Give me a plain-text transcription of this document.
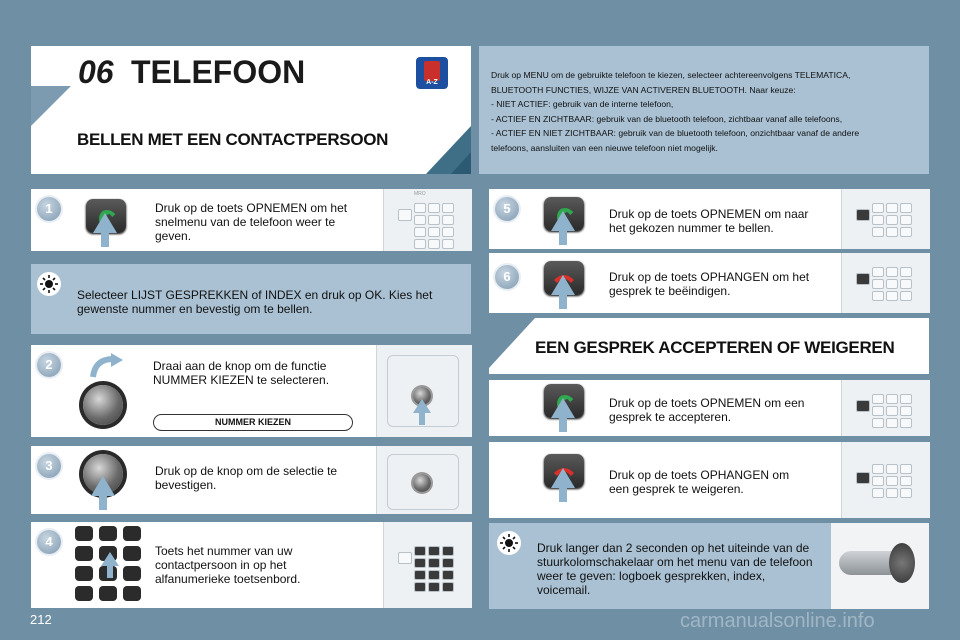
06 TELEFOON	A-Z
BELLEN MET EEN CONTACTPERSOON
Druk op MENU om de gebruikte telefoon te kiezen, selecteer achtereenvolgens TELEMATICA,
BLUETOOTH FUNCTIES, WIJZE VAN ACTIVEREN BLUETOOTH. Naar keuze:
- NIET ACTIEF: gebruik van de interne telefoon,
- ACTIEF EN ZICHTBAAR: gebruik van de bluetooth telefoon, zichtbaar vanaf alle telefoons,
- ACTIEF EN NIET ZICHTBAAR: gebruik van de bluetooth telefoon, onzichtbaar vanaf de andere
telefoons, aansluiten van een nieuwe telefoon niet mogelijk.
1	Druk op de toets OPNEMEN om het snelmenu van de telefoon weer te geven.
MRO
Selecteer LIJST GESPREKKEN of INDEX en druk op OK. Kies het gewenste nummer en bevestig om te bellen.
2	Draai aan de knop om de functie NUMMER KIEZEN te selecteren.
NUMMER KIEZEN
3	Druk op de knop om de selectie te bevestigen.
4
Toets het nummer van uw contactpersoon in op het alfanumerieke toetsenbord.
5	Druk op de toets OPNEMEN om naar het gekozen nummer te bellen.
6	Druk op de toets OPHANGEN om het gesprek te beëindigen.
EEN GESPREK ACCEPTEREN OF WEIGEREN
Druk op de toets OPNEMEN om een gesprek te accepteren.
Druk op de toets OPHANGEN om een gesprek te weigeren.
Druk langer dan 2 seconden op het uiteinde van de stuurkolomschakelaar om het menu van de telefoon weer te geven: logboek gesprekken, index, voicemail.
212	carmanualsonline.info
